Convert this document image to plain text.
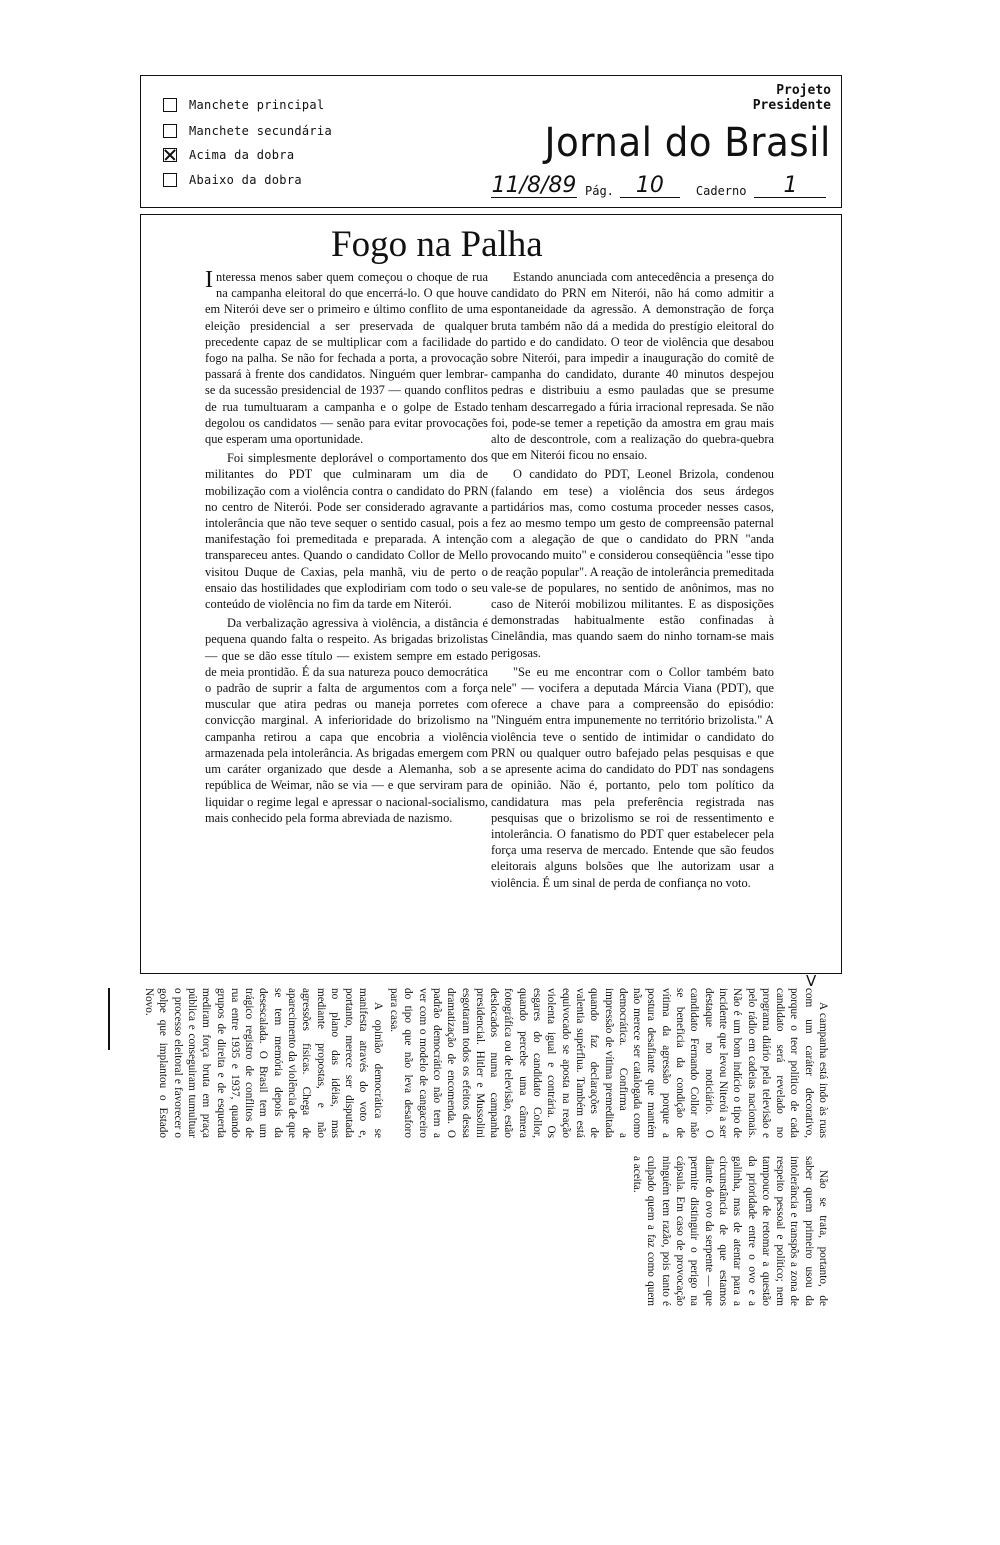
Manchete principal
Manchete secundária
Acima da dobra
Abaixo da dobra
Projeto
Presidente
Jornal do Brasil
11/8/89 Pág.	10	Caderno	1
Fogo na Palha

Interessa menos saber quem começou o choque de rua na campanha eleitoral do que encerrá-lo. O que houve em Niterói deve ser o primeiro e último conflito de uma eleição presidencial a ser preservada de qualquer precedente capaz de se multiplicar com a facilidade do fogo na palha. Se não for fechada a porta, a provocação passará à frente dos candidatos. Ninguém quer lembrar-se da sucessão presidencial de 1937 — quando conflitos de rua tumultuaram a campanha e o golpe de Estado degolou os candidatos — senão para evitar provocações que esperam uma oportunidade.

Foi simplesmente deplorável o comportamento dos militantes do PDT que culminaram um dia de mobilização com a violência contra o candidato do PRN no centro de Niterói. Pode ser considerado agravante a intolerância que não teve sequer o sentido casual, pois a manifestação foi premeditada e preparada. A intenção transpareceu antes. Quando o candidato Collor de Mello visitou Duque de Caxias, pela manhã, viu de perto o ensaio das hostilidades que explodiriam com todo o seu conteúdo de violência no fim da tarde em Niterói.

Da verbalização agressiva à violência, a distância é pequena quando falta o respeito. As brigadas brizolistas — que se dão esse título — existem sempre em estado de meia prontidão. É da sua natureza pouco democrática o padrão de suprir a falta de argumentos com a força muscular que atira pedras ou maneja porretes com convicção marginal. A inferioridade do brizolismo na campanha retirou a capa que encobria a violência armazenada pela intolerância. As brigadas emergem com um caráter organizado que desde a Alemanha, sob a república de Weimar, não se via — e que serviram para liquidar o regime legal e apressar o nacional-socialismo, mais conhecido pela forma abreviada de nazismo.

Estando anunciada com antecedência a presença do candidato do PRN em Niterói, não há como admitir a espontaneidade da agressão. A demonstração de força bruta também não dá a medida do prestígio eleitoral do partido e do candidato. O teor de violência que desabou sobre Niterói, para impedir a inauguração do comitê de campanha do candidato, durante 40 minutos despejou pedras e distribuiu a esmo pauladas que se presume tenham descarregado a fúria irracional represada. Se não foi, pode-se temer a repetição da amostra em grau mais alto de descontrole, com a realização do quebra-quebra que em Niterói ficou no ensaio.

O candidato do PDT, Leonel Brizola, condenou (falando em tese) a violência dos seus árdegos partidários mas, como costuma proceder nesses casos, fez ao mesmo tempo um gesto de compreensão paternal com a alegação de que o candidato do PRN "anda provocando muito" e considerou conseqüência "esse tipo de reação popular". A reação de intolerância premeditada vale-se de populares, no sentido de anônimos, mas no caso de Niterói mobilizou militantes. E as disposições demonstradas habitualmente estão confinadas à Cinelândia, mas quando saem do ninho tornam-se mais perigosas.

"Se eu me encontrar com o Collor também bato nele" — vocifera a deputada Márcia Viana (PDT), que oferece a chave para a compreensão do episódio: "Ninguém entra impunemente no território brizolista." A violência teve o sentido de intimidar o candidato do PRN ou qualquer outro bafejado pelas pesquisas e que se apresente acima do candidato do PDT nas sondagens de opinião. Não é, portanto, pelo tom político da candidatura mas pela preferência registrada nas pesquisas que o brizolismo se roi de ressentimento e intolerância. O fanatismo do PDT quer estabelecer pela força uma reserva de mercado. Entende que são feudos eleitorais alguns bolsões que lhe autorizam usar a violência. É um sinal de perda de confiança no voto.

V

A campanha está indo às ruas com um caráter decorativo, porque o teor político de cada candidato será revelado no programa diário pela televisão e pelo rádio em cadeias nacionais. Não é um bom indício o tipo de incidente que levou Niterói a ser destaque no noticiário. O candidato Fernando Collor não se beneficia da condição de vítima da agressão porque a postura desafiante que mantém não merece ser catalogada como democrática. Confirma a impressão de vítima premeditada quando faz declarações de valentia supérflua. Também está equivocado se aposta na reação violenta igual e contrária. Os esgares do candidato Collor, quando percebe uma câmera fotográfica ou de televisão, estão deslocados numa campanha presidencial. Hitler e Mussolini esgotaram todos os efeitos dessa dramatização de encomenda. O padrão democrático não tem a ver com o modelo de cangaceiro do tipo que não leva desaforo para casa.

A opinião democrática se manifesta através do voto e, portanto, merece ser disputada no plano das idéias, mas mediante propostas, e não agressões físicas. Chega de aparecimento da violência de que se tem memória depois da desescalada. O Brasil tem um trágico registro de conflitos de rua entre 1935 e 1937, quando grupos de direita e de esquerda mediram força bruta em praça pública e conseguiram tumultuar o processo eleitoral e favorecer o golpe que implantou o Estado Novo.

Não se trata, portanto, de saber quem primeiro usou da intolerância e transpôs a zona de respeito pessoal e político; nem tampouco de retomar a questão da prioridade entre o ovo e a galinha, mas de atentar para a circunstância de que estamos diante do ovo da serpente — que permite distinguir o perigo na cápsula. Em caso de provocação ninguém tem razão, pois tanto é culpado quem a faz como quem a aceita.
